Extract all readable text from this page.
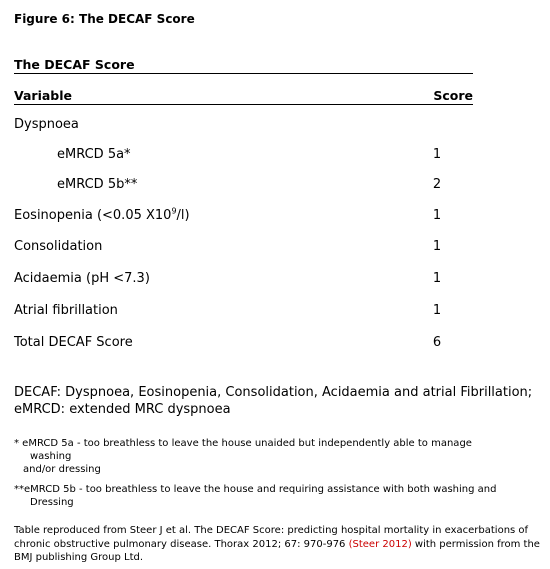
Figure 6: The DECAF Score
The DECAF Score
Variable	Score
Dyspnoea
eMRCD 5a*	1
eMRCD 5b**	2
Eosinopenia (<0.05 $X10^9/l$)	1
Consolidation	1
Acidaemia (pH <7.3)	1
Atrial fibrillation	1
Total DECAF Score	6
DECAF: Dyspnoea, Eosinopenia, Consolidation, Acidaemia and atrial Fibrillation;
eMRCD: extended MRC dyspnoea
* eMRCD 5a - too breathless to leave the house unaided but independently able to manage
washing
and/or dressing
**eMRCD 5b - too breathless to leave the house and requiring assistance with both washing and
Dressing
Table reproduced from Steer J et al. The DECAF Score: predicting hospital mortality in exacerbations of chronic obstructive pulmonary disease. Thorax 2012; 67: 970-976 (Steer 2012) with permission from the BMJ publishing Group Ltd.
